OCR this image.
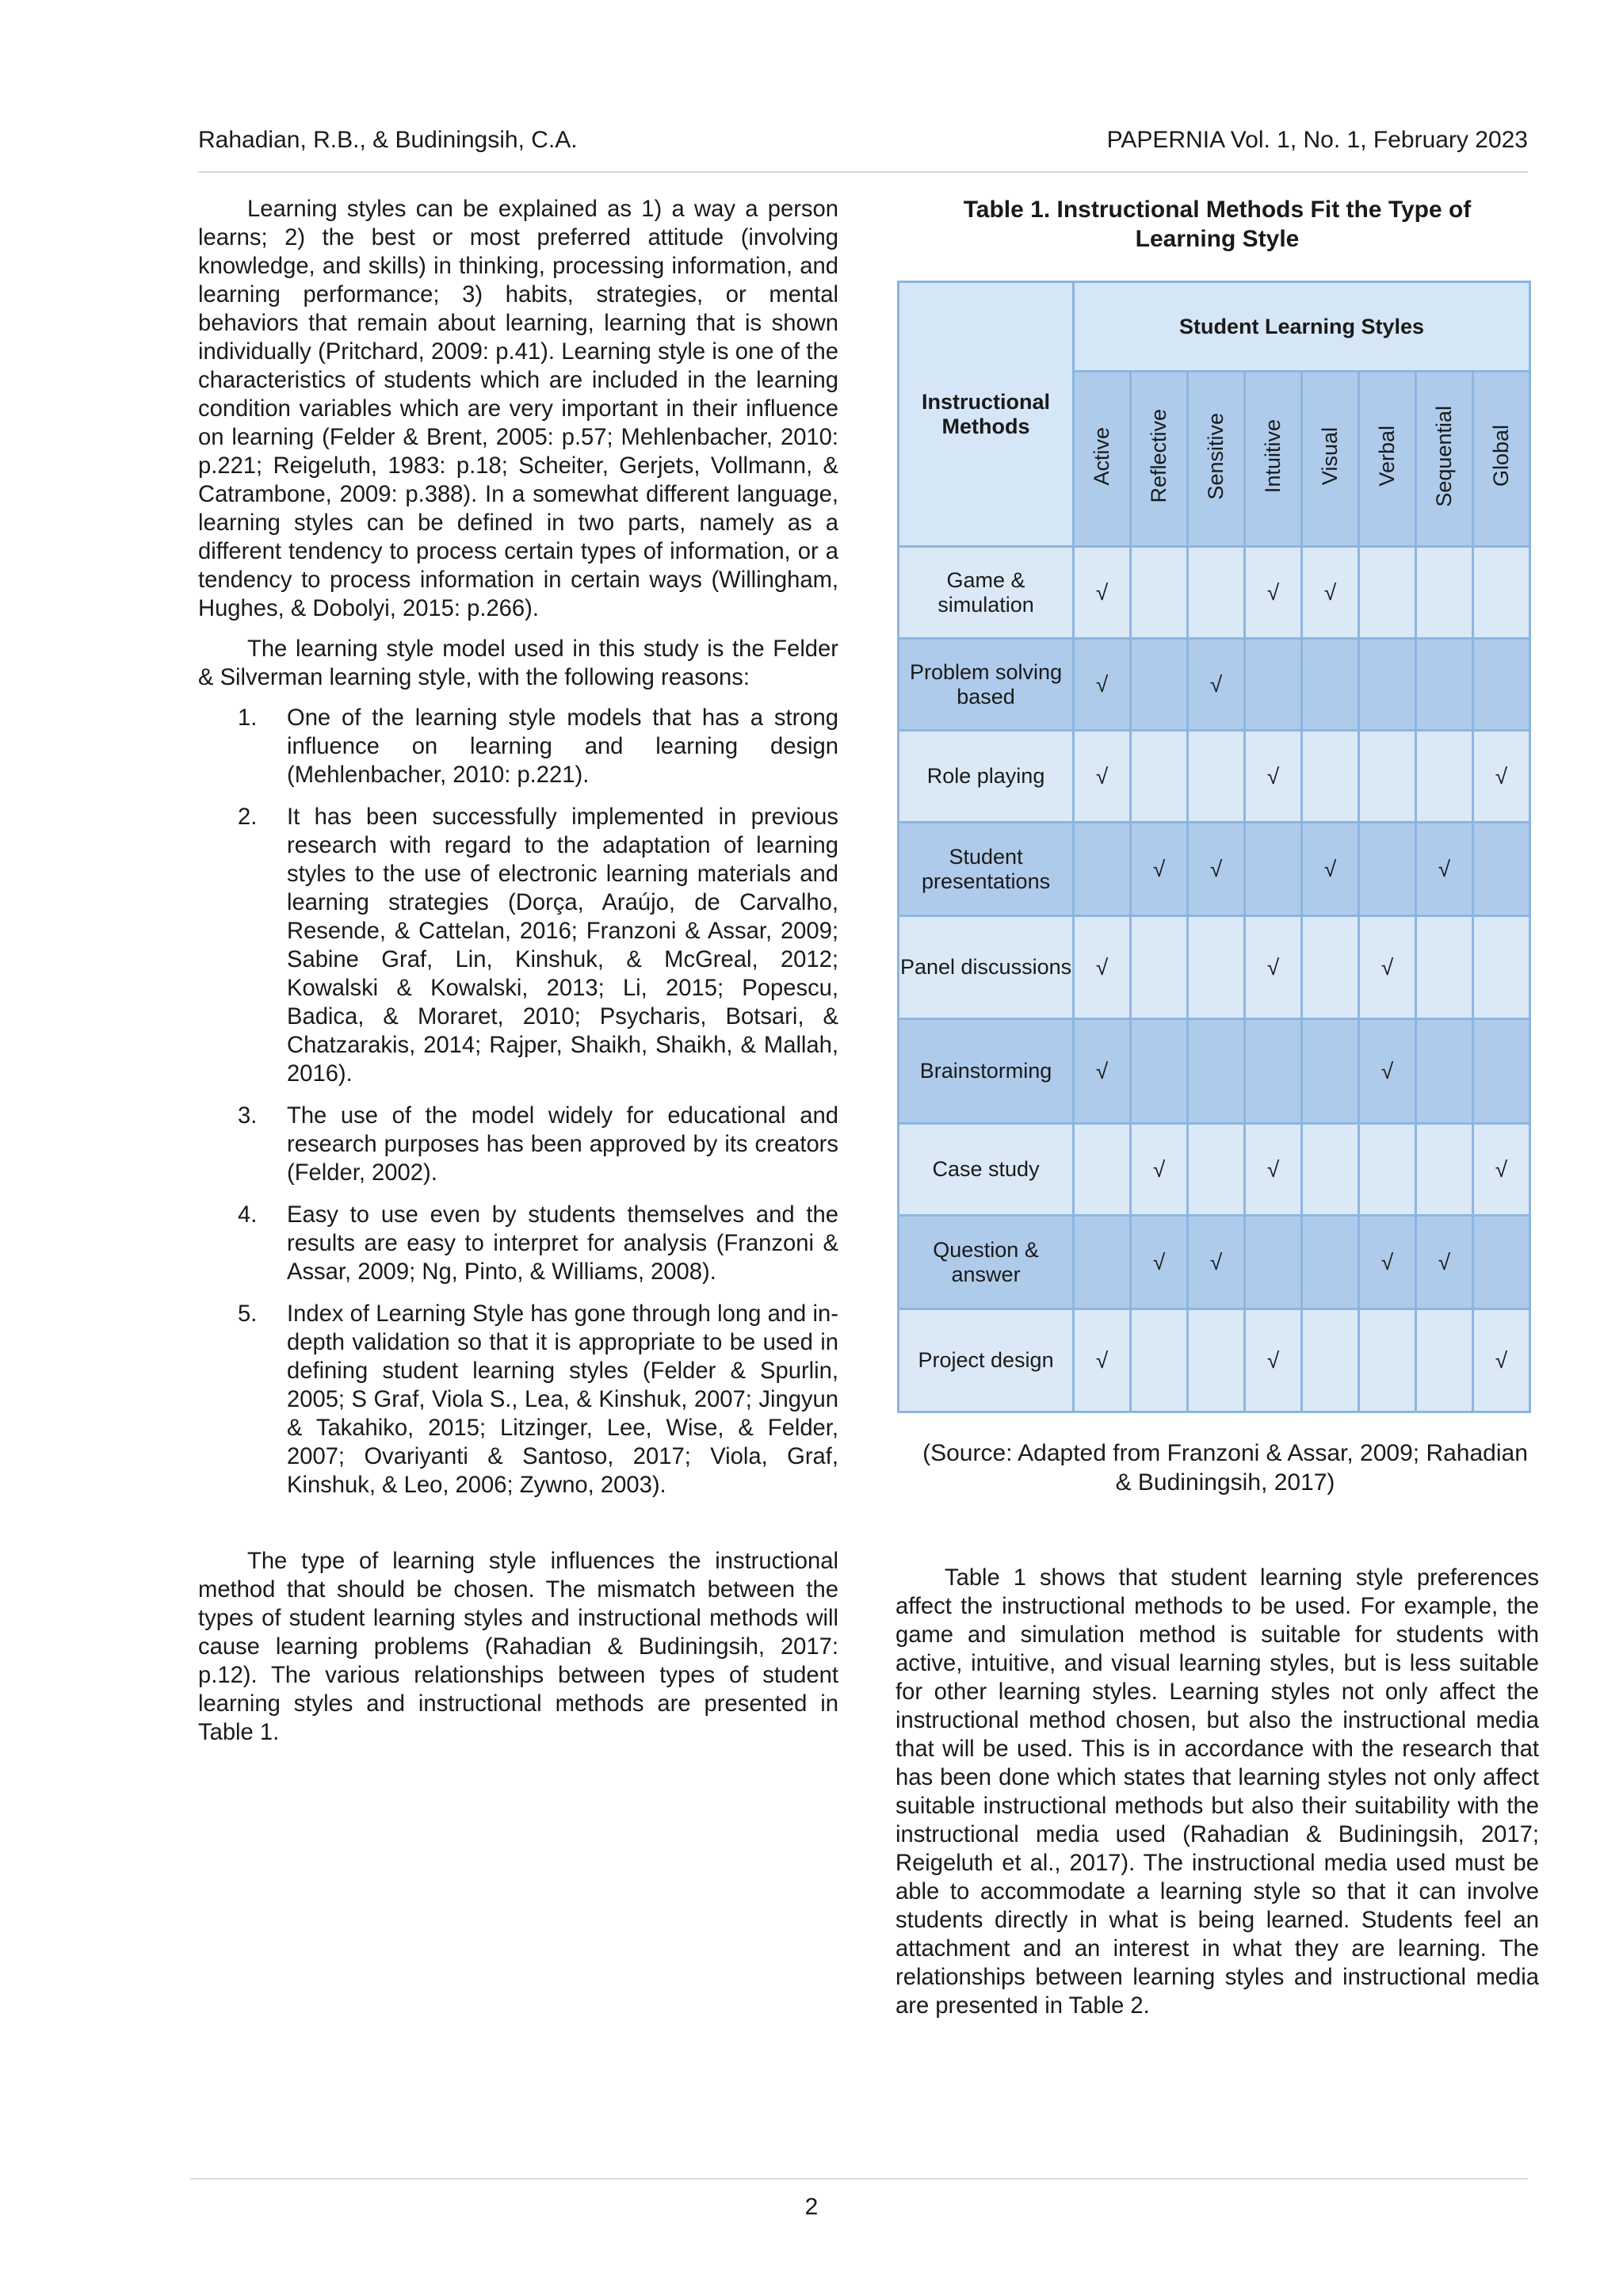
Rahadian, R.B., & Budiningsih, C.A.	PAPERNIA Vol. 1, No. 1, February 2023

Learning styles can be explained as 1) a way a person learns; 2) the best or most preferred attitude (involving knowledge, and skills) in thinking, processing information, and learning performance; 3) habits, strategies, or mental behaviors that remain about learning, learning that is shown individually (Pritchard, 2009: p.41). Learning style is one of the characteristics of students which are included in the learning condition variables which are very important in their influence on learning (Felder & Brent, 2005: p.57; Mehlenbacher, 2010: p.221; Reigeluth, 1983: p.18; Scheiter, Gerjets, Vollmann, & Catrambone, 2009: p.388). In a somewhat different language, learning styles can be defined in two parts, namely as a different tendency to process certain types of information, or a tendency to process information in certain ways (Willingham, Hughes, & Dobolyi, 2015: p.266).

The learning style model used in this study is the Felder & Silverman learning style, with the following reasons:

1. One of the learning style models that has a strong influence on learning and learning design (Mehlenbacher, 2010: p.221).
2. It has been successfully implemented in previous research with regard to the adaptation of learning styles to the use of electronic learning materials and learning strategies (Dorça, Araújo, de Carvalho, Resende, & Cattelan, 2016; Franzoni & Assar, 2009; Sabine Graf, Lin, Kinshuk, & McGreal, 2012; Kowalski & Kowalski, 2013; Li, 2015; Popescu, Badica, & Moraret, 2010; Psycharis, Botsari, & Chatzarakis, 2014; Rajper, Shaikh, Shaikh, & Mallah, 2016).
3. The use of the model widely for educational and research purposes has been approved by its creators (Felder, 2002).
4. Easy to use even by students themselves and the results are easy to interpret for analysis (Franzoni & Assar, 2009; Ng, Pinto, & Williams, 2008).
5. Index of Learning Style has gone through long and in-depth validation so that it is appropriate to be used in defining student learning styles (Felder & Spurlin, 2005; S Graf, Viola S., Lea, & Kinshuk, 2007; Jingyun & Takahiko, 2015; Litzinger, Lee, Wise, & Felder, 2007; Ovariyanti & Santoso, 2017; Viola, Graf, Kinshuk, & Leo, 2006; Zywno, 2003).

The type of learning style influences the instructional method that should be chosen. The mismatch between the types of student learning styles and instructional methods will cause learning problems (Rahadian & Budiningsih, 2017: p.12). The various relationships between types of student learning styles and instructional methods are presented in Table 1.

Table 1. Instructional Methods Fit the Type of Learning Style
Instructional Methods	Student Learning Styles							
	Active	Reflective	Sensitive	Intuitive	Visual	Verbal	Sequential	Global
Game & simulation	√			√	√			
Problem solving based	√		√					
Role playing	√			√				√
Student presentations		√	√		√		√	
Panel discussions	√			√		√		
Brainstorming	√					√		
Case study		√		√				√
Question & answer		√	√			√	√	
Project design	√			√				√
(Source: Adapted from Franzoni & Assar, 2009; Rahadian & Budiningsih, 2017)

Table 1 shows that student learning style preferences affect the instructional methods to be used. For example, the game and simulation method is suitable for students with active, intuitive, and visual learning styles, but is less suitable for other learning styles. Learning styles not only affect the instructional method chosen, but also the instructional media that will be used. This is in accordance with the research that has been done which states that learning styles not only affect suitable instructional methods but also their suitability with the instructional media used (Rahadian & Budiningsih, 2017; Reigeluth et al., 2017). The instructional media used must be able to accommodate a learning style so that it can involve students directly in what is being learned. Students feel an attachment and an interest in what they are learning. The relationships between learning styles and instructional media are presented in Table 2.

2
